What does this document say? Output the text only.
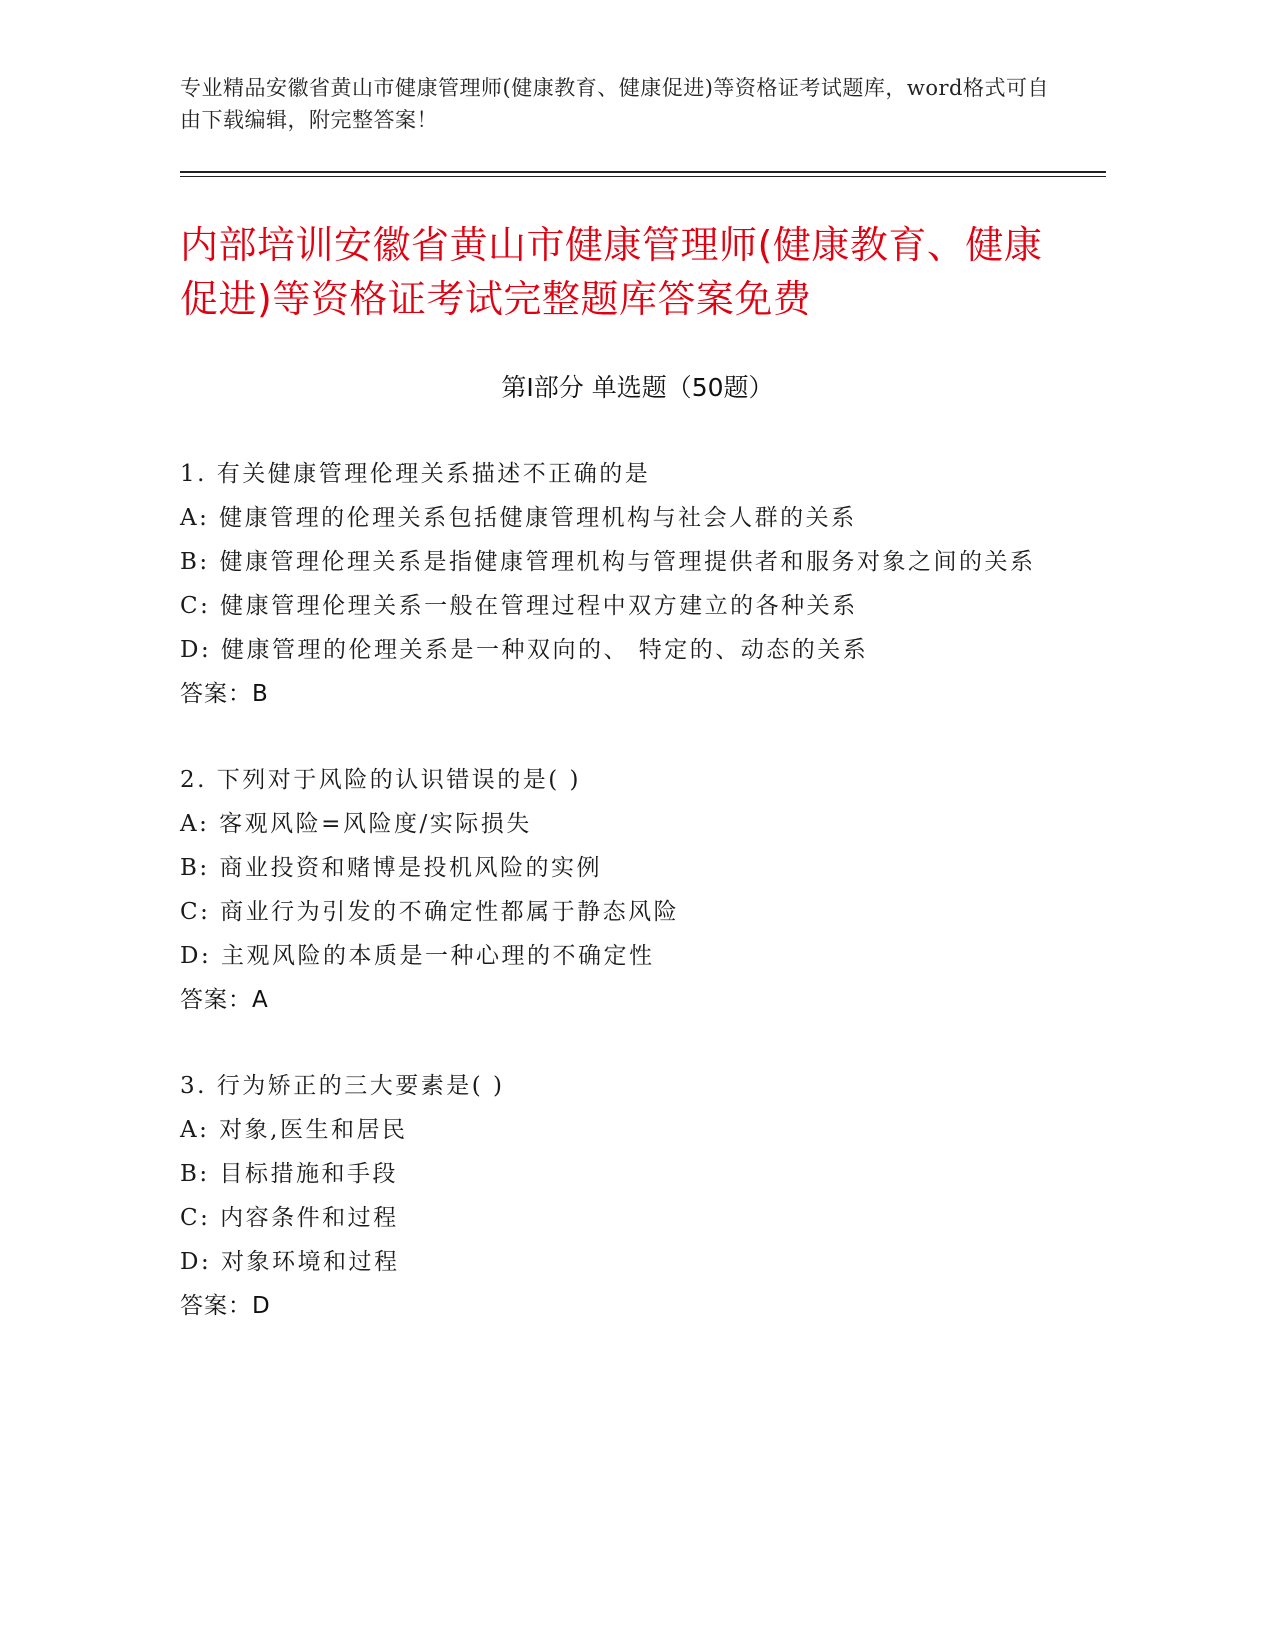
专业精品安徽省黄山市健康管理师(健康教育、健康促进)等资格证考试题库，word格式可自由下载编辑，附完整答案！
内部培训安徽省黄山市健康管理师(健康教育、健康促进)等资格证考试完整题库答案免费
第Ⅰ部分 单选题（50题）
1. 有关健康管理伦理关系描述不正确的是
A: 健康管理的伦理关系包括健康管理机构与社会人群的关系
B: 健康管理伦理关系是指健康管理机构与管理提供者和服务对象之间的关系
C: 健康管理伦理关系一般在管理过程中双方建立的各种关系
D: 健康管理的伦理关系是一种双向的、 特定的、动态的关系
答案：B
2. 下列对于风险的认识错误的是( )
A: 客观风险=风险度/实际损失
B: 商业投资和赌博是投机风险的实例
C: 商业行为引发的不确定性都属于静态风险
D: 主观风险的本质是一种心理的不确定性
答案：A
3. 行为矫正的三大要素是( )
A: 对象,医生和居民
B: 目标措施和手段
C: 内容条件和过程
D: 对象环境和过程
答案：D
